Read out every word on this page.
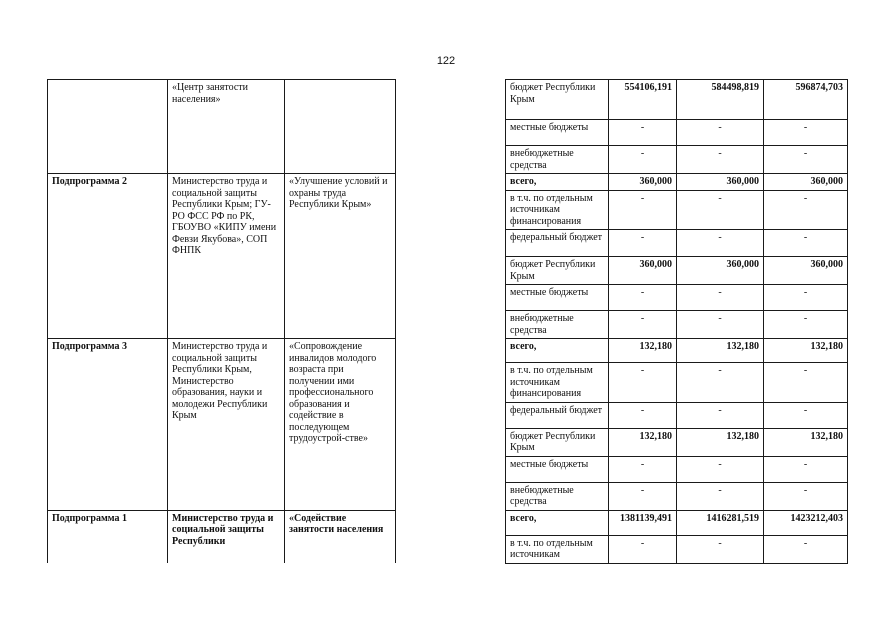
122
	«Центр занятости населения»			бюджет Республики Крым	554106,191	584498,819	596874,703	
				местные бюджеты	-	-	-	
				внебюджетные средства	-	-	-	
Подпрограмма 2	Министерство труда и социальной защиты Республики Крым; ГУ-РО ФСС РФ по РК, ГБОУВО «КИПУ имени Февзи Якубова», СОП ФНПК	«Улучшение условий и охраны труда Республики Крым»		всего,	360,000	360,000	360,000	
				в т.ч. по отдельным источникам финансирования	-	-	-	
				федеральный бюджет	-	-	-	
				бюджет Республики Крым	360,000	360,000	360,000	
				местные бюджеты	-	-	-	
				внебюджетные средства	-	-	-	
Подпрограмма 3	Министерство труда и социальной защиты Республики Крым, Министерство образования, науки и молодежи Республики Крым	«Сопровождение инвалидов молодого возраста при получении ими профессионального образования и содействие в последующем трудоустрой-стве»		всего,	132,180	132,180	132,180	
				в т.ч. по отдельным источникам финансирования	-	-	-	
				федеральный бюджет	-	-	-	
				бюджет Республики Крым	132,180	132,180	132,180	
				местные бюджеты	-	-	-	
				внебюджетные средства	-	-	-	
Подпрограмма 1	Министерство труда и социальной защиты Республики	«Содействие занятости населения		всего,	1381139,491	1416281,519	1423212,403	
				в т.ч. по отдельным источникам	-	-	-	
